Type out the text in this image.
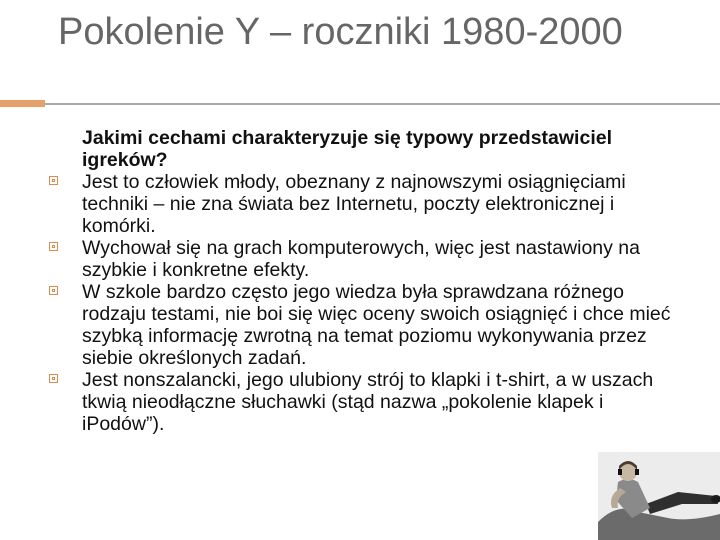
Pokolenie Y – roczniki 1980-2000

Jakimi cechami charakteryzuje się typowy przedstawiciel igreków?

Jest to człowiek młody, obeznany z najnowszymi osiągnięciami techniki – nie zna świata bez Internetu, poczty elektronicznej i komórki.
Wychował się na grach komputerowych, więc jest nastawiony na szybkie i konkretne efekty.
W szkole bardzo często jego wiedza była sprawdzana różnego rodzaju testami, nie boi się więc oceny swoich osiągnięć i chce mieć szybką informację zwrotną na temat poziomu wykonywania przez siebie określonych zadań.
Jest nonszalancki, jego ulubiony strój to klapki i t-shirt, a w uszach tkwią nieodłączne słuchawki (stąd nazwa „pokolenie klapek i iPodów”).
